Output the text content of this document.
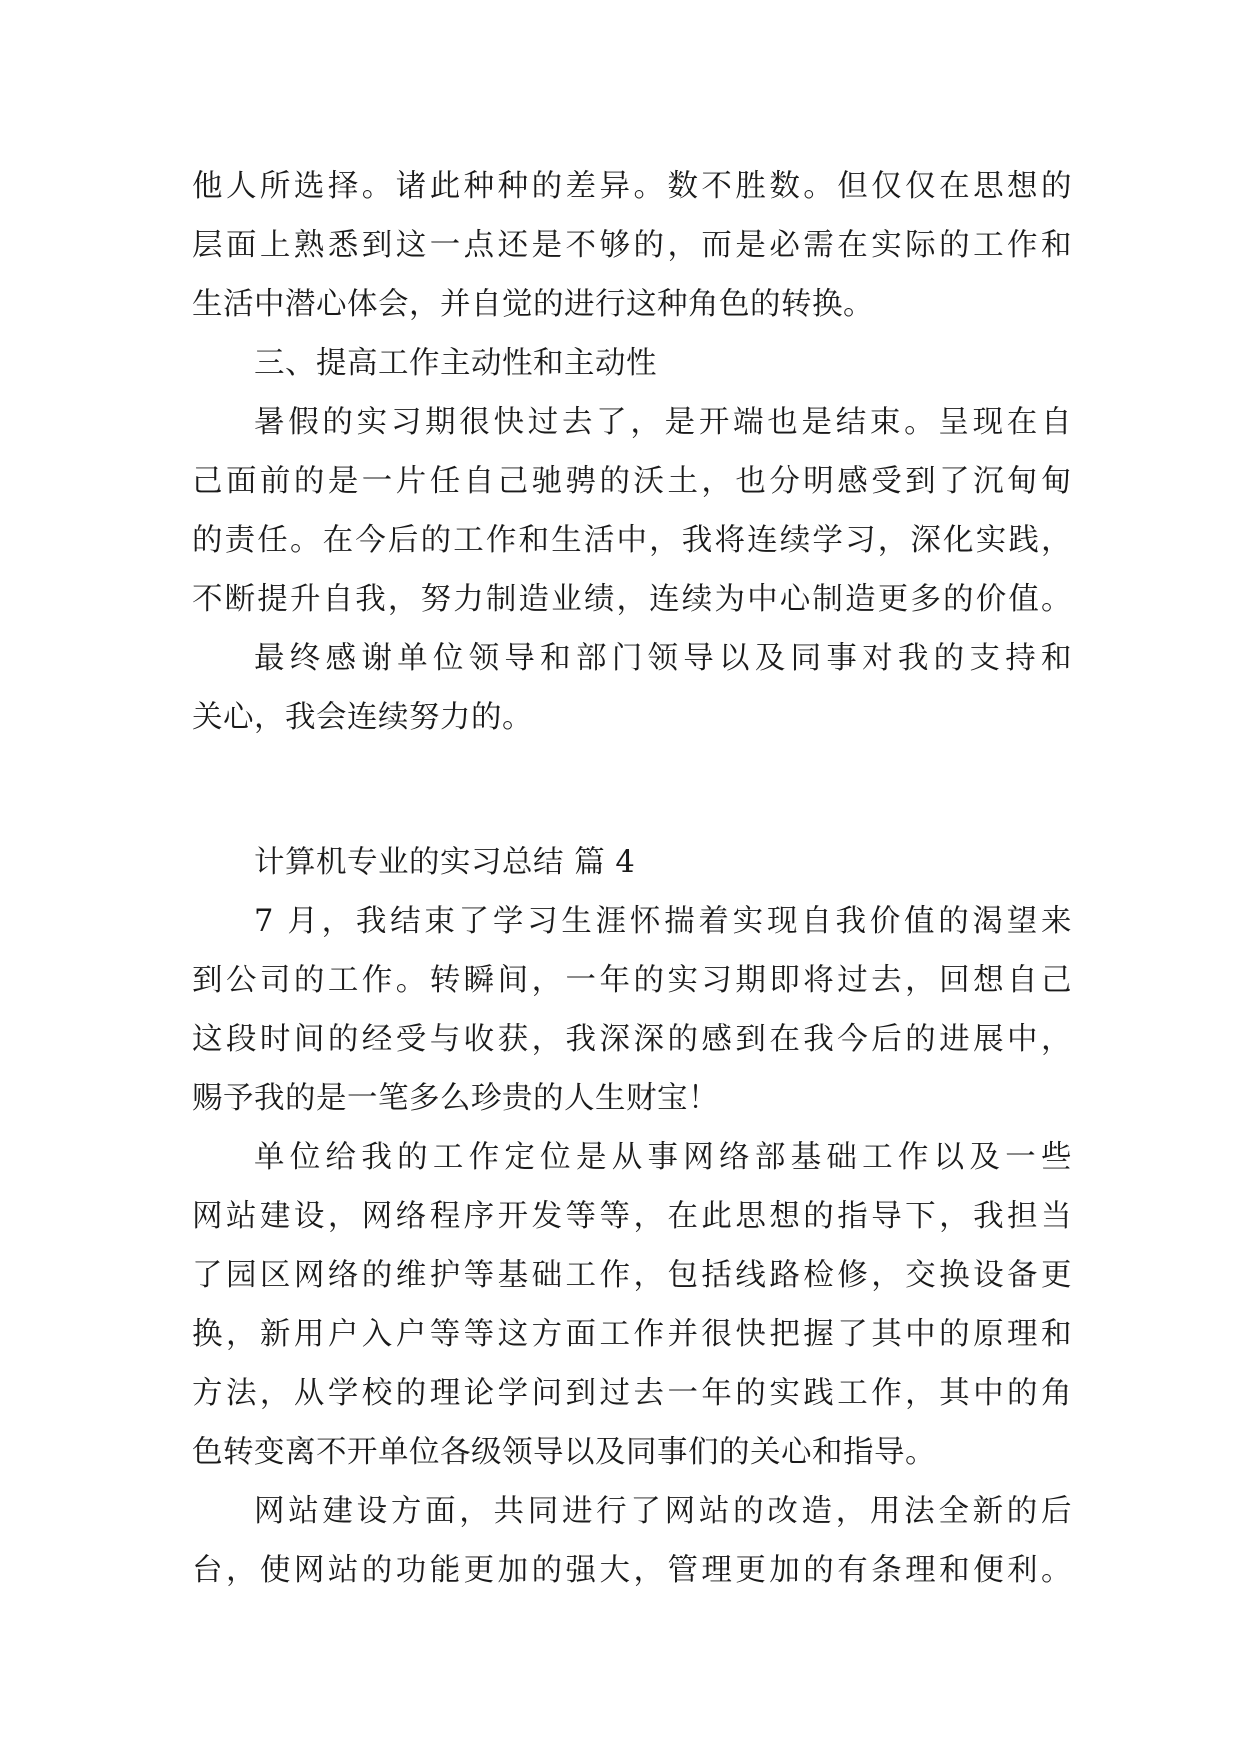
他人所选择。诸此种种的差异。数不胜数。但仅仅在思想的
层面上熟悉到这一点还是不够的，而是必需在实际的工作和
生活中潜心体会，并自觉的进行这种角色的转换。
三、提高工作主动性和主动性
暑假的实习期很快过去了，是开端也是结束。呈现在自
己面前的是一片任自己驰骋的沃土，也分明感受到了沉甸甸
的责任。在今后的工作和生活中，我将连续学习，深化实践，
不断提升自我，努力制造业绩，连续为中心制造更多的价值。
最终感谢单位领导和部门领导以及同事对我的支持和
关心，我会连续努力的。
计算机专业的实习总结 篇 4
7 月，我结束了学习生涯怀揣着实现自我价值的渴望来
到公司的工作。转瞬间，一年的实习期即将过去，回想自己
这段时间的经受与收获，我深深的感到在我今后的进展中，
赐予我的是一笔多么珍贵的人生财宝！
单位给我的工作定位是从事网络部基础工作以及一些
网站建设，网络程序开发等等，在此思想的指导下，我担当
了园区网络的维护等基础工作，包括线路检修，交换设备更
换，新用户入户等等这方面工作并很快把握了其中的原理和
方法，从学校的理论学问到过去一年的实践工作，其中的角
色转变离不开单位各级领导以及同事们的关心和指导。
网站建设方面，共同进行了网站的改造，用法全新的后
台，使网站的功能更加的强大，管理更加的有条理和便利。
